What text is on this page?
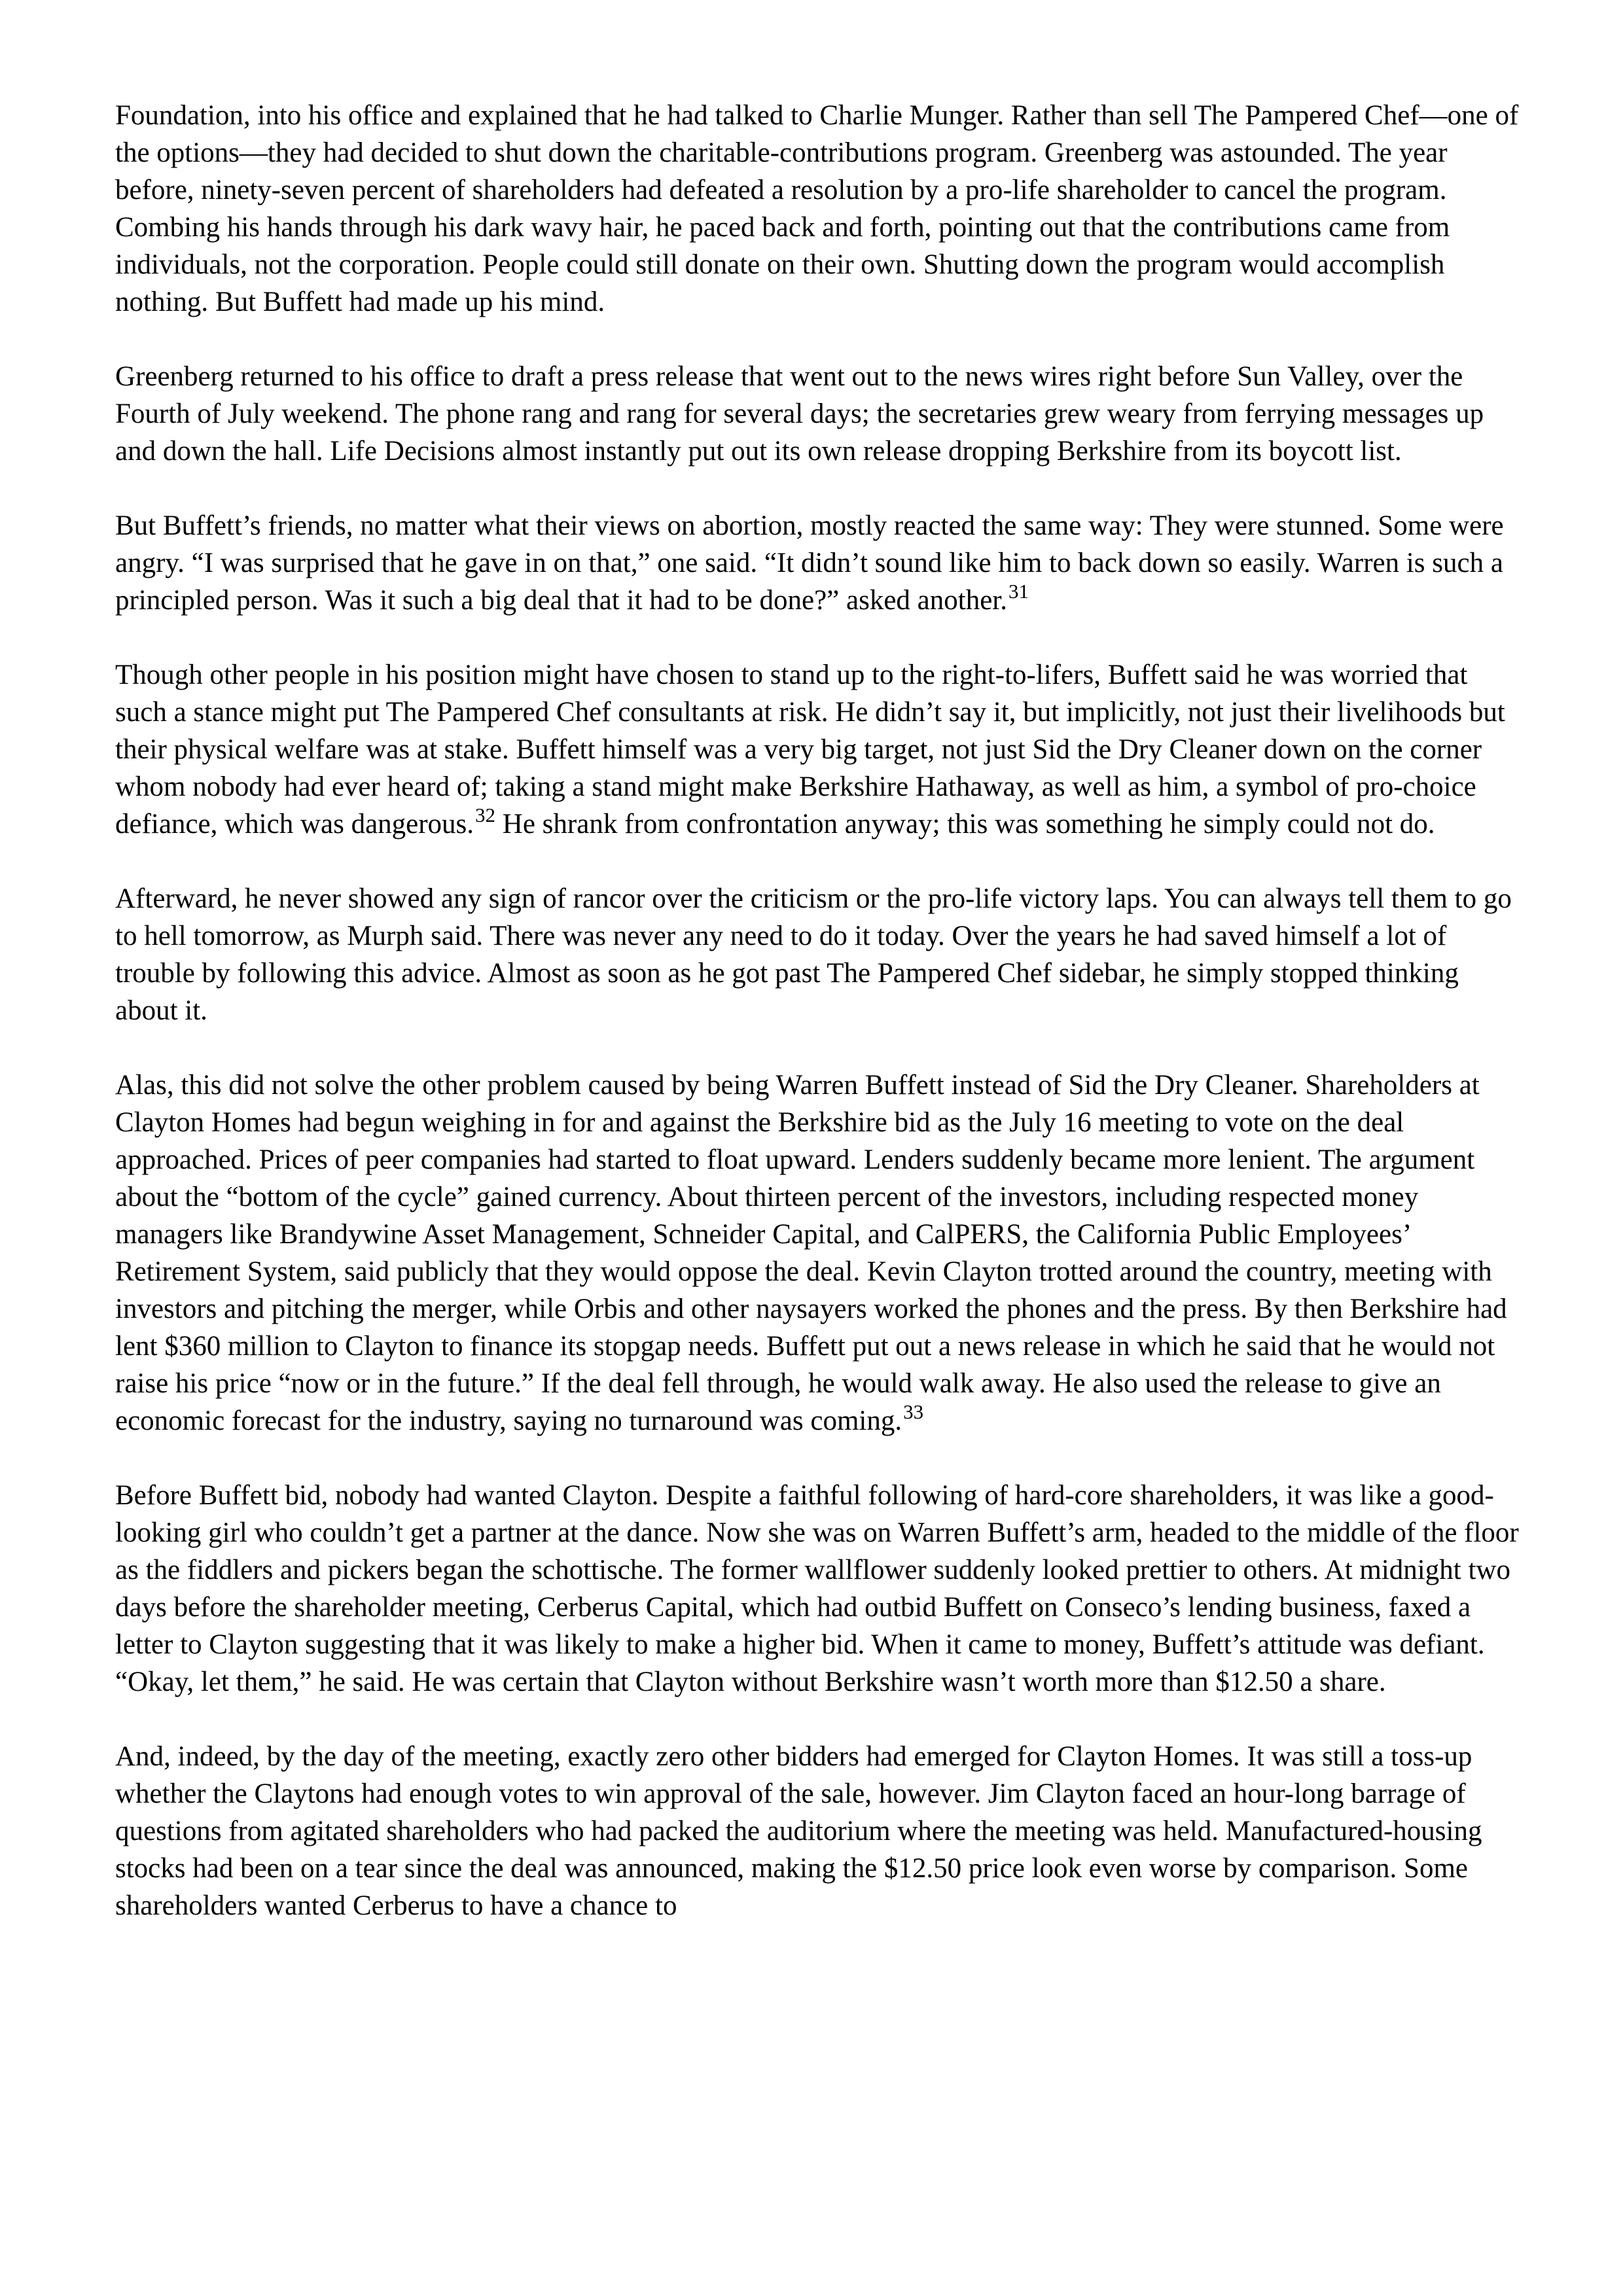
Foundation, into his office and explained that he had talked to Charlie Munger. Rather than sell The Pampered Chef—one of the options—they had decided to shut down the charitable-contributions program. Greenberg was astounded. The year before, ninety-seven percent of shareholders had defeated a resolution by a pro-life shareholder to cancel the program. Combing his hands through his dark wavy hair, he paced back and forth, pointing out that the contributions came from individuals, not the corporation. People could still donate on their own. Shutting down the program would accomplish nothing. But Buffett had made up his mind.

Greenberg returned to his office to draft a press release that went out to the news wires right before Sun Valley, over the Fourth of July weekend. The phone rang and rang for several days; the secretaries grew weary from ferrying messages up and down the hall. Life Decisions almost instantly put out its own release dropping Berkshire from its boycott list.

But Buffett’s friends, no matter what their views on abortion, mostly reacted the same way: They were stunned. Some were angry. “I was surprised that he gave in on that,” one said. “It didn’t sound like him to back down so easily. Warren is such a principled person. Was it such a big deal that it had to be done?” asked another.$^{31}$

Though other people in his position might have chosen to stand up to the right-to-lifers, Buffett said he was worried that such a stance might put The Pampered Chef consultants at risk. He didn’t say it, but implicitly, not just their livelihoods but their physical welfare was at stake. Buffett himself was a very big target, not just Sid the Dry Cleaner down on the corner whom nobody had ever heard of; taking a stand might make Berkshire Hathaway, as well as him, a symbol of pro-choice defiance, which was dangerous.$^{32}$ He shrank from confrontation anyway; this was something he simply could not do.

Afterward, he never showed any sign of rancor over the criticism or the pro-life victory laps. You can always tell them to go to hell tomorrow, as Murph said. There was never any need to do it today. Over the years he had saved himself a lot of trouble by following this advice. Almost as soon as he got past The Pampered Chef sidebar, he simply stopped thinking about it.

Alas, this did not solve the other problem caused by being Warren Buffett instead of Sid the Dry Cleaner. Shareholders at Clayton Homes had begun weighing in for and against the Berkshire bid as the July 16 meeting to vote on the deal approached. Prices of peer companies had started to float upward. Lenders suddenly became more lenient. The argument about the “bottom of the cycle” gained currency. About thirteen percent of the investors, including respected money managers like Brandywine Asset Management, Schneider Capital, and CalPERS, the California Public Employees’ Retirement System, said publicly that they would oppose the deal. Kevin Clayton trotted around the country, meeting with investors and pitching the merger, while Orbis and other naysayers worked the phones and the press. By then Berkshire had lent $360 million to Clayton to finance its stopgap needs. Buffett put out a news release in which he said that he would not raise his price “now or in the future.” If the deal fell through, he would walk away. He also used the release to give an economic forecast for the industry, saying no turnaround was coming.$^{33}$

Before Buffett bid, nobody had wanted Clayton. Despite a faithful following of hard-core shareholders, it was like a good-looking girl who couldn’t get a partner at the dance. Now she was on Warren Buffett’s arm, headed to the middle of the floor as the fiddlers and pickers began the schottische. The former wallflower suddenly looked prettier to others. At midnight two days before the shareholder meeting, Cerberus Capital, which had outbid Buffett on Conseco’s lending business, faxed a letter to Clayton suggesting that it was likely to make a higher bid. When it came to money, Buffett’s attitude was defiant. “Okay, let them,” he said. He was certain that Clayton without Berkshire wasn’t worth more than $12.50 a share.

And, indeed, by the day of the meeting, exactly zero other bidders had emerged for Clayton Homes. It was still a toss-up whether the Claytons had enough votes to win approval of the sale, however. Jim Clayton faced an hour-long barrage of questions from agitated shareholders who had packed the auditorium where the meeting was held. Manufactured-housing stocks had been on a tear since the deal was announced, making the $12.50 price look even worse by comparison. Some shareholders wanted Cerberus to have a chance to
